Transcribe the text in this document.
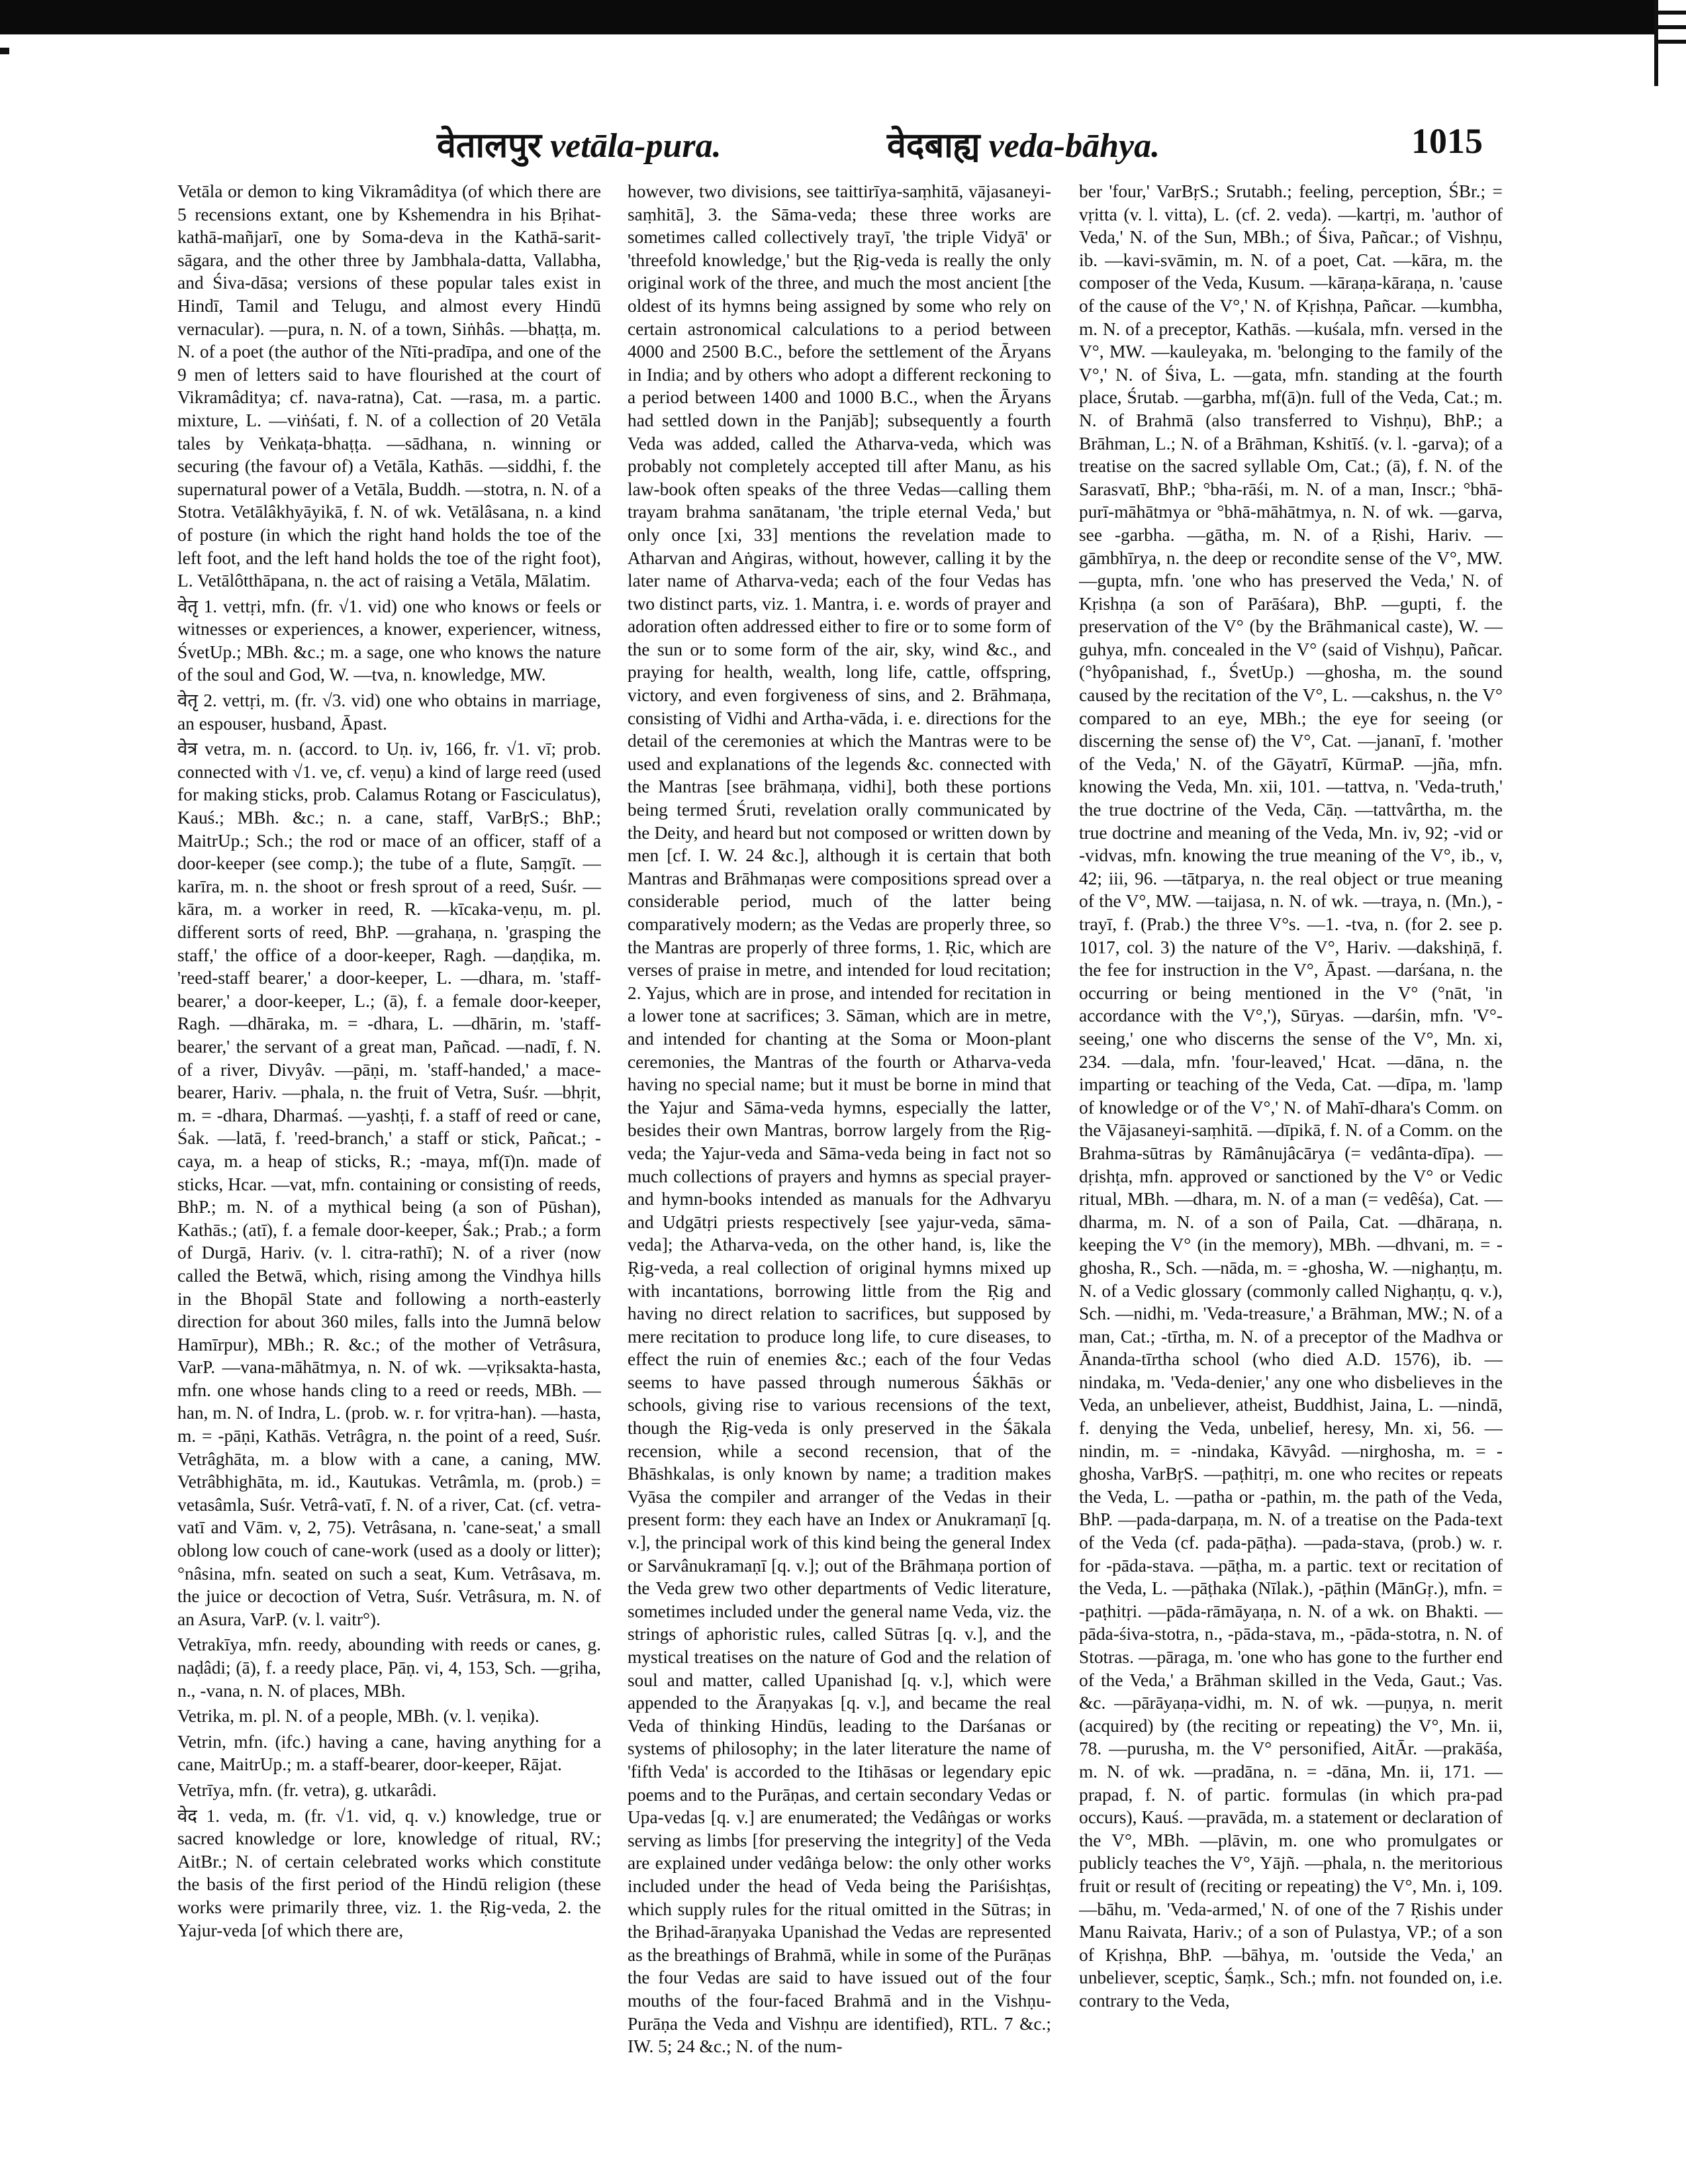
वेतालपुर vetāla-pura.	वेदबाह्य veda-bāhya.	1015

Vetāla or demon to king Vikramâditya (of which there are 5 recensions extant, one by Kshemendra in his Bṛihat-kathā-mañjarī, one by Soma-deva in the Kathā-sarit-sāgara, and the other three by Jambhala-datta, Vallabha, and Śiva-dāsa; versions of these popular tales exist in Hindī, Tamil and Telugu, and almost every Hindū vernacular). —pura, n. N. of a town, Siṅhâs. —bhaṭṭa, m. N. of a poet (the author of the Nīti-pradīpa, and one of the 9 men of letters said to have flourished at the court of Vikramâditya; cf. nava-ratna), Cat. —rasa, m. a partic. mixture, L. —viṅśati, f. N. of a collection of 20 Vetāla tales by Veṅkaṭa-bhaṭṭa. —sādhana, n. winning or securing (the favour of) a Vetāla, Kathās. —siddhi, f. the supernatural power of a Vetāla, Buddh. —stotra, n. N. of a Stotra. Vetālâkhyāyikā, f. N. of wk. Vetālâsana, n. a kind of posture (in which the right hand holds the toe of the left foot, and the left hand holds the toe of the right foot), L. Vetālôtthāpana, n. the act of raising a Vetāla, Mālatim.

वेतृ 1. vettṛi, mfn. (fr. √1. vid) one who knows or feels or witnesses or experiences, a knower, experiencer, witness, ŚvetUp.; MBh. &c.; m. a sage, one who knows the nature of the soul and God, W. —tva, n. knowledge, MW.

वेतृ 2. vettṛi, m. (fr. √3. vid) one who obtains in marriage, an espouser, husband, Āpast.

वेत्र vetra, m. n. (accord. to Uṇ. iv, 166, fr. √1. vī; prob. connected with √1. ve, cf. veṇu) a kind of large reed (used for making sticks, prob. Calamus Rotang or Fasciculatus), Kauś.; MBh. &c.; n. a cane, staff, VarBṛS.; BhP.; MaitrUp.; Sch.; the rod or mace of an officer, staff of a door-keeper (see comp.); the tube of a flute, Saṃgīt. —karīra, m. n. the shoot or fresh sprout of a reed, Suśr. —kāra, m. a worker in reed, R. —kīcaka-veṇu, m. pl. different sorts of reed, BhP. —grahaṇa, n. 'grasping the staff,' the office of a door-keeper, Ragh. —daṇḍika, m. 'reed-staff bearer,' a door-keeper, L. —dhara, m. 'staff-bearer,' a door-keeper, L.; (ā), f. a female door-keeper, Ragh. —dhāraka, m. = -dhara, L. —dhārin, m. 'staff-bearer,' the servant of a great man, Pañcad. —nadī, f. N. of a river, Divyâv. —pāṇi, m. 'staff-handed,' a mace-bearer, Hariv. —phala, n. the fruit of Vetra, Suśr. —bhṛit, m. = -dhara, Dharmaś. —yashṭi, f. a staff of reed or cane, Śak. —latā, f. 'reed-branch,' a staff or stick, Pañcat.; -caya, m. a heap of sticks, R.; -maya, mf(ī)n. made of sticks, Hcar. —vat, mfn. containing or consisting of reeds, BhP.; m. N. of a mythical being (a son of Pūshan), Kathās.; (atī), f. a female door-keeper, Śak.; Prab.; a form of Durgā, Hariv. (v. l. citra-rathī); N. of a river (now called the Betwā, which, rising among the Vindhya hills in the Bhopāl State and following a north-easterly direction for about 360 miles, falls into the Jumnā below Hamīrpur), MBh.; R. &c.; of the mother of Vetrâsura, VarP. —vana-māhātmya, n. N. of wk. —vṛiksakta-hasta, mfn. one whose hands cling to a reed or reeds, MBh. —han, m. N. of Indra, L. (prob. w. r. for vṛitra-han). —hasta, m. = -pāṇi, Kathās. Vetrâgra, n. the point of a reed, Suśr. Vetrâghāta, m. a blow with a cane, a caning, MW. Vetrâbhighāta, m. id., Kautukas. Vetrâmla, m. (prob.) = vetasâmla, Suśr. Vetrâ-vatī, f. N. of a river, Cat. (cf. vetra-vatī and Vām. v, 2, 75). Vetrâsana, n. 'cane-seat,' a small oblong low couch of cane-work (used as a dooly or litter); °nâsina, mfn. seated on such a seat, Kum. Vetrâsava, m. the juice or decoction of Vetra, Suśr. Vetrâsura, m. N. of an Asura, VarP. (v. l. vaitr°).

Vetrakīya, mfn. reedy, abounding with reeds or canes, g. naḍâdi; (ā), f. a reedy place, Pāṇ. vi, 4, 153, Sch. —gṛiha, n., -vana, n. N. of places, MBh.

Vetrika, m. pl. N. of a people, MBh. (v. l. veṇika).

Vetrin, mfn. (ifc.) having a cane, having anything for a cane, MaitrUp.; m. a staff-bearer, door-keeper, Rājat.

Vetrīya, mfn. (fr. vetra), g. utkarâdi.

वेद 1. veda, m. (fr. √1. vid, q. v.) knowledge, true or sacred knowledge or lore, knowledge of ritual, RV.; AitBr.; N. of certain celebrated works which constitute the basis of the first period of the Hindū religion (these works were primarily three, viz. 1. the Ṛig-veda, 2. the Yajur-veda [of which there are,

however, two divisions, see taittirīya-saṃhitā, vājasaneyi-saṃhitā], 3. the Sāma-veda; these three works are sometimes called collectively trayī, 'the triple Vidyā' or 'threefold knowledge,' but the Ṛig-veda is really the only original work of the three, and much the most ancient [the oldest of its hymns being assigned by some who rely on certain astronomical calculations to a period between 4000 and 2500 B.C., before the settlement of the Āryans in India; and by others who adopt a different reckoning to a period between 1400 and 1000 B.C., when the Āryans had settled down in the Panjāb]; subsequently a fourth Veda was added, called the Atharva-veda, which was probably not completely accepted till after Manu, as his law-book often speaks of the three Vedas—calling them trayam brahma sanātanam, 'the triple eternal Veda,' but only once [xi, 33] mentions the revelation made to Atharvan and Aṅgiras, without, however, calling it by the later name of Atharva-veda; each of the four Vedas has two distinct parts, viz. 1. Mantra, i. e. words of prayer and adoration often addressed either to fire or to some form of the sun or to some form of the air, sky, wind &c., and praying for health, wealth, long life, cattle, offspring, victory, and even forgiveness of sins, and 2. Brāhmaṇa, consisting of Vidhi and Artha-vāda, i. e. directions for the detail of the ceremonies at which the Mantras were to be used and explanations of the legends &c. connected with the Mantras [see brāhmaṇa, vidhi], both these portions being termed Śruti, revelation orally communicated by the Deity, and heard but not composed or written down by men [cf. I. W. 24 &c.], although it is certain that both Mantras and Brāhmaṇas were compositions spread over a considerable period, much of the latter being comparatively modern; as the Vedas are properly three, so the Mantras are properly of three forms, 1. Ṛic, which are verses of praise in metre, and intended for loud recitation; 2. Yajus, which are in prose, and intended for recitation in a lower tone at sacrifices; 3. Sāman, which are in metre, and intended for chanting at the Soma or Moon-plant ceremonies, the Mantras of the fourth or Atharva-veda having no special name; but it must be borne in mind that the Yajur and Sāma-veda hymns, especially the latter, besides their own Mantras, borrow largely from the Ṛig-veda; the Yajur-veda and Sāma-veda being in fact not so much collections of prayers and hymns as special prayer- and hymn-books intended as manuals for the Adhvaryu and Udgātṛi priests respectively [see yajur-veda, sāma-veda]; the Atharva-veda, on the other hand, is, like the Ṛig-veda, a real collection of original hymns mixed up with incantations, borrowing little from the Ṛig and having no direct relation to sacrifices, but supposed by mere recitation to produce long life, to cure diseases, to effect the ruin of enemies &c.; each of the four Vedas seems to have passed through numerous Śākhās or schools, giving rise to various recensions of the text, though the Ṛig-veda is only preserved in the Śākala recension, while a second recension, that of the Bhāshkalas, is only known by name; a tradition makes Vyāsa the compiler and arranger of the Vedas in their present form: they each have an Index or Anukramaṇī [q. v.], the principal work of this kind being the general Index or Sarvânukramaṇī [q. v.]; out of the Brāhmaṇa portion of the Veda grew two other departments of Vedic literature, sometimes included under the general name Veda, viz. the strings of aphoristic rules, called Sūtras [q. v.], and the mystical treatises on the nature of God and the relation of soul and matter, called Upanishad [q. v.], which were appended to the Āraṇyakas [q. v.], and became the real Veda of thinking Hindūs, leading to the Darśanas or systems of philosophy; in the later literature the name of 'fifth Veda' is accorded to the Itihāsas or legendary epic poems and to the Purāṇas, and certain secondary Vedas or Upa-vedas [q. v.] are enumerated; the Vedâṅgas or works serving as limbs [for preserving the integrity] of the Veda are explained under vedâṅga below: the only other works included under the head of Veda being the Pariśishṭas, which supply rules for the ritual omitted in the Sūtras; in the Bṛihad-āraṇyaka Upanishad the Vedas are represented as the breathings of Brahmā, while in some of the Purāṇas the four Vedas are said to have issued out of the four mouths of the four-faced Brahmā and in the Vishṇu-Purāṇa the Veda and Vishṇu are identified), RTL. 7 &c.; IW. 5; 24 &c.; N. of the num-

ber 'four,' VarBṛS.; Srutabh.; feeling, perception, ŚBr.; = vṛitta (v. l. vitta), L. (cf. 2. veda). —kartṛi, m. 'author of Veda,' N. of the Sun, MBh.; of Śiva, Pañcar.; of Vishṇu, ib. —kavi-svāmin, m. N. of a poet, Cat. —kāra, m. the composer of the Veda, Kusum. —kāraṇa-kāraṇa, n. 'cause of the cause of the V°,' N. of Kṛishṇa, Pañcar. —kumbha, m. N. of a preceptor, Kathās. —kuśala, mfn. versed in the V°, MW. —kauleyaka, m. 'belonging to the family of the V°,' N. of Śiva, L. —gata, mfn. standing at the fourth place, Śrutab. —garbha, mf(ā)n. full of the Veda, Cat.; m. N. of Brahmā (also transferred to Vishṇu), BhP.; a Brāhman, L.; N. of a Brāhman, Kshitīś. (v. l. -garva); of a treatise on the sacred syllable Om, Cat.; (ā), f. N. of the Sarasvatī, BhP.; °bha-rāśi, m. N. of a man, Inscr.; °bhā-purī-māhātmya or °bhā-māhātmya, n. N. of wk. —garva, see -garbha. —gātha, m. N. of a Ṛishi, Hariv. —gāmbhīrya, n. the deep or recondite sense of the V°, MW. —gupta, mfn. 'one who has preserved the Veda,' N. of Kṛishṇa (a son of Parāśara), BhP. —gupti, f. the preservation of the V° (by the Brāhmanical caste), W. —guhya, mfn. concealed in the V° (said of Vishṇu), Pañcar. (°hyôpanishad, f., ŚvetUp.) —ghosha, m. the sound caused by the recitation of the V°, L. —cakshus, n. the V° compared to an eye, MBh.; the eye for seeing (or discerning the sense of) the V°, Cat. —jananī, f. 'mother of the Veda,' N. of the Gāyatrī, KūrmaP. —jña, mfn. knowing the Veda, Mn. xii, 101. —tattva, n. 'Veda-truth,' the true doctrine of the Veda, Cāṇ. —tattvârtha, m. the true doctrine and meaning of the Veda, Mn. iv, 92; -vid or -vidvas, mfn. knowing the true meaning of the V°, ib., v, 42; iii, 96. —tātparya, n. the real object or true meaning of the V°, MW. —taijasa, n. N. of wk. —traya, n. (Mn.), -trayī, f. (Prab.) the three V°s. —1. -tva, n. (for 2. see p. 1017, col. 3) the nature of the V°, Hariv. —dakshiṇā, f. the fee for instruction in the V°, Āpast. —darśana, n. the occurring or being mentioned in the V° (°nāt, 'in accordance with the V°,'), Sūryas. —darśin, mfn. 'V°-seeing,' one who discerns the sense of the V°, Mn. xi, 234. —dala, mfn. 'four-leaved,' Hcat. —dāna, n. the imparting or teaching of the Veda, Cat. —dīpa, m. 'lamp of knowledge or of the V°,' N. of Mahī-dhara's Comm. on the Vājasaneyi-saṃhitā. —dīpikā, f. N. of a Comm. on the Brahma-sūtras by Rāmânujâcārya (= vedânta-dīpa). —dṛishṭa, mfn. approved or sanctioned by the V° or Vedic ritual, MBh. —dhara, m. N. of a man (= vedêśa), Cat. —dharma, m. N. of a son of Paila, Cat. —dhāraṇa, n. keeping the V° (in the memory), MBh. —dhvani, m. = -ghosha, R., Sch. —nāda, m. = -ghosha, W. —nighaṇṭu, m. N. of a Vedic glossary (commonly called Nighaṇṭu, q. v.), Sch. —nidhi, m. 'Veda-treasure,' a Brāhman, MW.; N. of a man, Cat.; -tīrtha, m. N. of a preceptor of the Madhva or Ānanda-tīrtha school (who died A.D. 1576), ib. —nindaka, m. 'Veda-denier,' any one who disbelieves in the Veda, an unbeliever, atheist, Buddhist, Jaina, L. —nindā, f. denying the Veda, unbelief, heresy, Mn. xi, 56. —nindin, m. = -nindaka, Kāvyâd. —nirghosha, m. = -ghosha, VarBṛS. —paṭhitṛi, m. one who recites or repeats the Veda, L. —patha or -pathin, m. the path of the Veda, BhP. —pada-darpaṇa, m. N. of a treatise on the Pada-text of the Veda (cf. pada-pāṭha). —pada-stava, (prob.) w. r. for -pāda-stava. —pāṭha, m. a partic. text or recitation of the Veda, L. —pāṭhaka (Nīlak.), -pāṭhin (MānGṛ.), mfn. = -paṭhitṛi. —pāda-rāmāyaṇa, n. N. of a wk. on Bhakti. —pāda-śiva-stotra, n., -pāda-stava, m., -pāda-stotra, n. N. of Stotras. —pāraga, m. 'one who has gone to the further end of the Veda,' a Brāhman skilled in the Veda, Gaut.; Vas. &c. —pārāyaṇa-vidhi, m. N. of wk. —puṇya, n. merit (acquired) by (the reciting or repeating) the V°, Mn. ii, 78. —purusha, m. the V° personified, AitĀr. —prakāśa, m. N. of wk. —pradāna, n. = -dāna, Mn. ii, 171. —prapad, f. N. of partic. formulas (in which pra-pad occurs), Kauś. —pravāda, m. a statement or declaration of the V°, MBh. —plāvin, m. one who promulgates or publicly teaches the V°, Yājñ. —phala, n. the meritorious fruit or result of (reciting or repeating) the V°, Mn. i, 109. —bāhu, m. 'Veda-armed,' N. of one of the 7 Ṛishis under Manu Raivata, Hariv.; of a son of Pulastya, VP.; of a son of Kṛishṇa, BhP. —bāhya, m. 'outside the Veda,' an unbeliever, sceptic, Śaṃk., Sch.; mfn. not founded on, i.e. contrary to the Veda,
